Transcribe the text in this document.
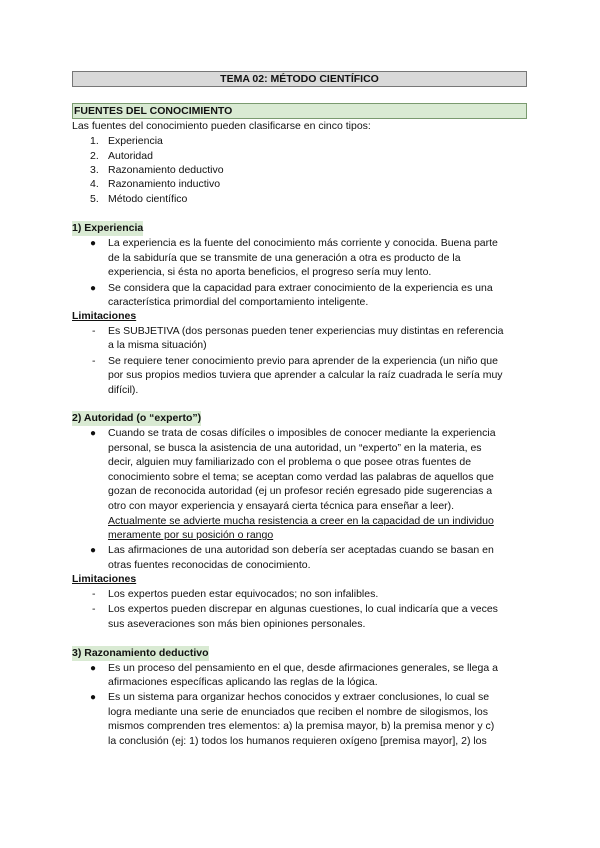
TEMA 02: MÉTODO CIENTÍFICO
FUENTES DEL CONOCIMIENTO
Las fuentes del conocimiento pueden clasificarse en cinco tipos:
1. Experiencia
2. Autoridad
3. Razonamiento deductivo
4. Razonamiento inductivo
5. Método científico
1) Experiencia
● La experiencia es la fuente del conocimiento más corriente y conocida. Buena parte
de la sabiduría que se transmite de una generación a otra es producto de la
experiencia, si ésta no aporta beneficios, el progreso sería muy lento.
● Se considera que la capacidad para extraer conocimiento de la experiencia es una
característica primordial del comportamiento inteligente.
Limitaciones
- Es SUBJETIVA (dos personas pueden tener experiencias muy distintas en referencia
a la misma situación)
- Se requiere tener conocimiento previo para aprender de la experiencia (un niño que
por sus propios medios tuviera que aprender a calcular la raíz cuadrada le sería muy
difícil).
2) Autoridad (o “experto”)
● Cuando se trata de cosas difíciles o imposibles de conocer mediante la experiencia
personal, se busca la asistencia de una autoridad, un “experto” en la materia, es
decir, alguien muy familiarizado con el problema o que posee otras fuentes de
conocimiento sobre el tema; se aceptan como verdad las palabras de aquellos que
gozan de reconocida autoridad (ej un profesor recién egresado pide sugerencias a
otro con mayor experiencia y ensayará cierta técnica para enseñar a leer).
Actualmente se advierte mucha resistencia a creer en la capacidad de un individuo
meramente por su posición o rango
● Las afirmaciones de una autoridad son debería ser aceptadas cuando se basan en
otras fuentes reconocidas de conocimiento.
Limitaciones
- Los expertos pueden estar equivocados; no son infalibles.
- Los expertos pueden discrepar en algunas cuestiones, lo cual indicaría que a veces
sus aseveraciones son más bien opiniones personales.
3) Razonamiento deductivo
● Es un proceso del pensamiento en el que, desde afirmaciones generales, se llega a
afirmaciones específicas aplicando las reglas de la lógica.
● Es un sistema para organizar hechos conocidos y extraer conclusiones, lo cual se
logra mediante una serie de enunciados que reciben el nombre de silogismos, los
mismos comprenden tres elementos: a) la premisa mayor, b) la premisa menor y c)
la conclusión (ej: 1) todos los humanos requieren oxígeno [premisa mayor], 2) los
